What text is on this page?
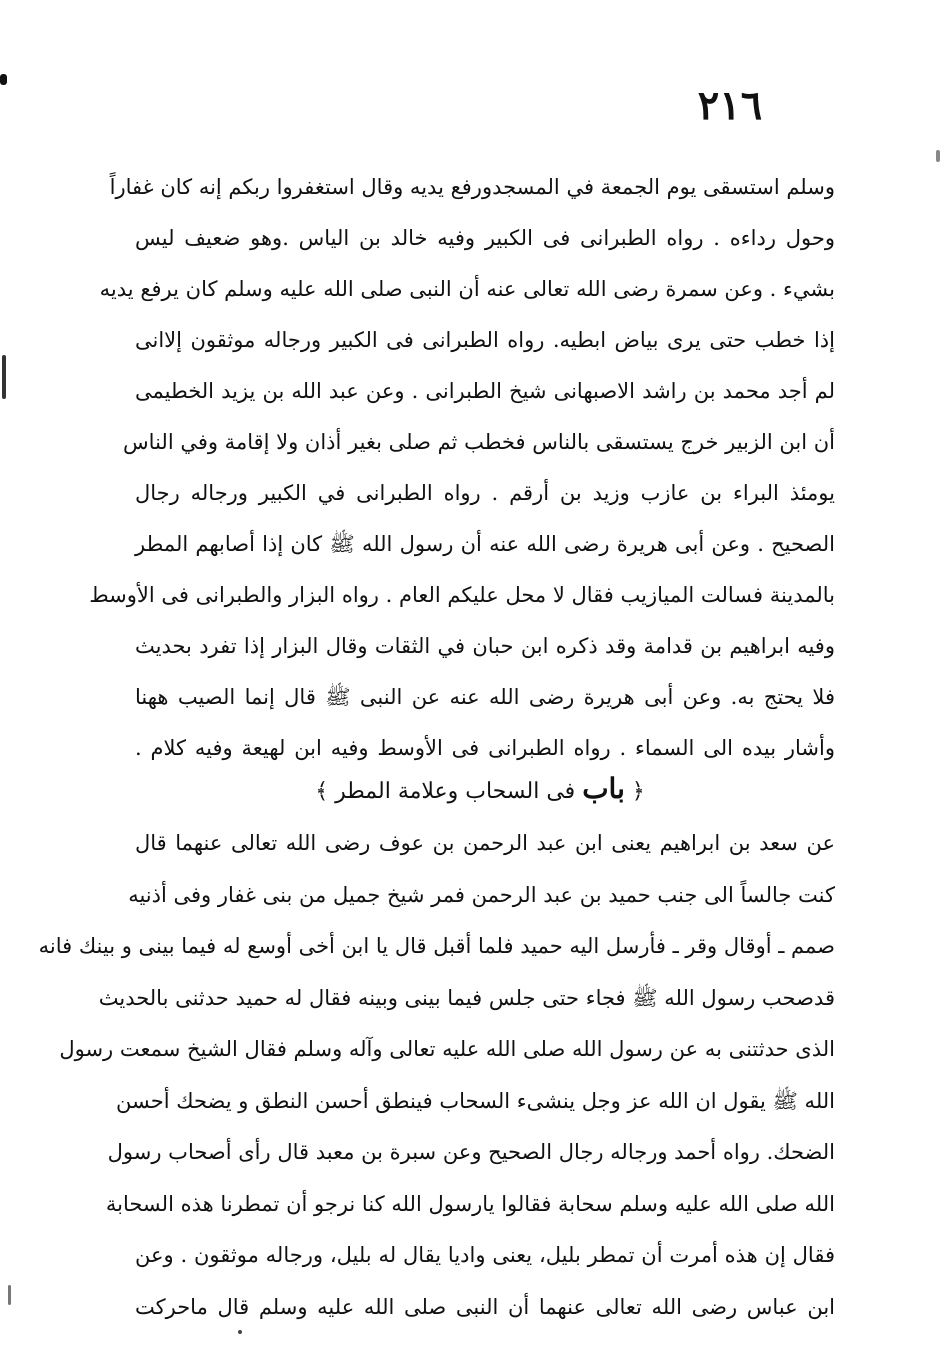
٢١٦
وسلم استسقى يوم الجمعة في المسجدورفع يديه وقال استغفروا ربكم إنه كان غفاراً
وحول رداءه . رواه الطبرانى فى الكبير وفيه خالد بن الياس .وهو ضعيف ليس
بشيء . وعن سمرة رضى الله تعالى عنه أن النبى صلى الله عليه وسلم كان يرفع يديه
إذا خطب حتى يرى بياض ابطيه. رواه الطبرانى فى الكبير ورجاله موثقون إلاانى
لم أجد محمد بن راشد الاصبهانى شيخ الطبرانى . وعن عبد الله بن يزيد الخطيمى
أن ابن الزبير خرج يستسقى بالناس فخطب ثم صلى بغير أذان ولا إقامة وفي الناس
يومئذ البراء بن عازب وزيد بن أرقم . رواه الطبرانى في الكبير ورجاله رجال
الصحيح . وعن أبى هريرة رضى الله عنه أن رسول الله ﷺ كان إذا أصابهم المطر
بالمدينة فسالت الميازيب فقال لا محل عليكم العام . رواه البزار والطبرانى فى الأوسط
وفيه ابراهيم بن قدامة وقد ذكره ابن حبان في الثقات وقال البزار إذا تفرد بحديث
فلا يحتج به. وعن أبى هريرة رضى الله عنه عن النبى ﷺ قال إنما الصيب ههنا
وأشار بيده الى السماء . رواه الطبرانى فى الأوسط وفيه ابن لهيعة وفيه كلام .
﴿ باب فى السحاب وعلامة المطر ﴾
عن سعد بن ابراهيم يعنى ابن عبد الرحمن بن عوف رضى الله تعالى عنهما قال
كنت جالساً الى جنب حميد بن عبد الرحمن فمر شيخ جميل من بنى غفار وفى أذنيه
صمم ـ أوقال وقر ـ فأرسل اليه حميد فلما أقبل قال يا ابن أخى أوسع له فيما بينى و بينك فانه
قدصحب رسول الله ﷺ فجاء حتى جلس فيما بينى وبينه فقال له حميد حدثنى بالحديث
الذى حدثتنى به عن رسول الله صلى الله عليه تعالى وآله وسلم فقال الشيخ سمعت رسول
الله ﷺ يقول ان الله عز وجل ينشىء السحاب فينطق أحسن النطق و يضحك أحسن
الضحك. رواه أحمد ورجاله رجال الصحيح وعن سبرة بن معبد قال رأى أصحاب رسول
الله صلى الله عليه وسلم سحابة فقالوا يارسول الله كنا نرجو أن تمطرنا هذه السحابة
فقال إن هذه أمرت أن تمطر بليل، يعنى واديا يقال له بليل، ورجاله موثقون . وعن
ابن عباس رضى الله تعالى عنهما أن النبى صلى الله عليه وسلم قال ماحركت
